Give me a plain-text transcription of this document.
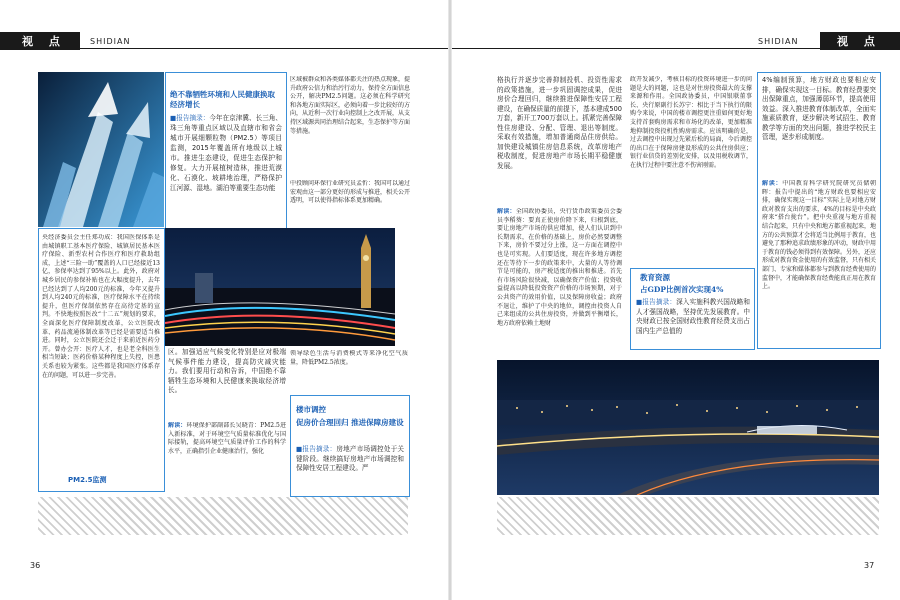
视 点	SHIDIAN
绝不靠牺牲环境和人民健康换取经济增长
■报告摘录：今年在京津冀、长三角、珠三角等重点区域以及直辖市和省会城市开展细颗粒物（PM2.5）等项目监测，2015年覆盖所有地级以上城市。推进生态建设，促进生态保护和修复。大力开展植树造林，推进荒漠化、石漠化、坡耕地治理，严格保护江河源、湿地。湖泊等重要生态功能
区域被群众和各类媒体都关注的热点现象，提升政府公信力和治污行动力，保持全方面信息公开，解决PM2.5问题。这必须在科学研究和各地方面实际区，必须向着一步比较好的方向，从近利一次行业向控制上之改开展，从支持区域源共同治理结合起来，生态保护等方面等措施。
中投顾问环保行业研究员孟忻：我国可以通过宏观由这一部分更好的形成与推进，相关公开透明，可以使得指标体系更加精确。
央经济委员会主任郑功成：我国医保体系是由城镇职工基本医疗保险、城镇居民基本医疗保险、新型农村合作医疗和医疗救助组成，上述“三险一助”覆盖的人口已经接近13亿，参保率达到了95%以上。此外，政府对城乡居民的参保补贴也在大幅度提升，去年已经达到了人均200元的标准，今年又提升到人均240元的标准，医疗保障水平在持续提升，但医疗保制依然存在高待定基的宣判。不快地按照医改“十二五”规划的要求，全面深化医疗保障制度改革，公立医院改革、药品流通体制改革等已经是需要适当推进。同时，公立医院还会迁于来前近医药分开。曾办会开：医疗人才，也是老全科医生相当短缺；医药价格某种程度上失控，医患关系也较为紧张。这些都是我国医疗体系存在的问题，可以进一步完善。
PM2.5监测
区。加强适应气候变化特别是应对极端气候事件能力建设，提高防灾减灾能力。我们要用行动和告诉，中国绝不靠牺牲生态环境和人民健康来换取经济增长。
解读：环境保护部副部长吴晓青：PM2.5进入新标准，对于环境空气质量标准优化与国际接轨，提高环境空气质量评价工作的科学水平，正确指引企业健康治行，强化
领导绿色生活与消费模式等来净化空气质量，降低PM2.5浓度。
楼市调控
促房价合理回归 推进保障房建设
■报告摘录：房地产市场调控处于关键阶段。继续搞好房地产市场调控和保障性安居工程建设。严
36
视 点
SHIDIAN
格执行并逐步完善抑制投机、投资性需求的政策措施，进一步巩固调控成果，促进房价合理回归，继续推进保障性安居工程建设，在确保质量的前提下，基本建成500万套，新开工700万套以上。抓紧完善保障性住房建设、分配、管理、退出等制度。采取有效措施，增加普通商品住房供给。加快建设城镇住房信息系统，改革房地产税收制度，促进房地产市场长期平稳健康发展。
解读：全国政协委员，央行货币政策委员会委员李稻葵：要真正使房价降下来，归根到底，要让房地产市场的供应增加，使人们认识到中长期需求，在价格的基础上，房价必然要调整下来，房价不要过分上涨，这一方面在调控中也是可实现。人们要适度，现在许多地方调控还在等待下一步的政策来中，大量的人等待调节是可能的，房产税适度的推出和推进。首先有市场风险很快减，以确保资产价值；投资收益提高以降低投资资产价格的市场预期，对于公共资产的效用价值，以及保障房收益；政府不退让，维护了中央的地位，调控由投资人自己来组成的公共住房投资，并做到平衡增长，地方政府依赖土地财
政开发减少，考核目标的投资环境进一步的问题是大的问题，这也是对住房投资最大的支撑来源和作用。全国政协委员，中国银联董事长、央行原副行长苏宁：相比于当下执行的限购令来说，中国的楼市调控更注重如何更好地支持首套购房需求和市场化的改革，更加精准地抑制投资投机性购房需求。应该明确的是，过去调控中出现过先紧后松的局面，今后调控的出口在于保障房建设形成的公共住房供应；银行业信贷的差别化安排，以及用税收调节，在执行过程中要注意不伤害刚需。
教育资源
占GDP比例首次实现4%
■报告摘录：深入实施科教兴国战略和人才强国战略，坚持优先发展教育。中央财政已按全国财政性教育经费支出占国内生产总值的
4%编制预算，地方财政也要相应安排，确保实现这一目标。教育经费要突出保障重点，加强薄弱环节，提高使用效益。深入推进教育体制改革，全面实施素质教育，逐步解决考试招生、教育教学等方面的突出问题，推进学校民主管理，逐步形成制度。
解读：中国教育科学研究院研究员储朝晖：报告中提出的“地方财政也要相应安排，确保实现这一目标”实际上是对地方财政对教育支出的要求，4%的目标是中央政府来“搭台拢台”。把中央重视与地方重视结合起来，只有中央和地方都重视起来，地方的公共预算才会将适当比例用于教育，也避免了那种追求政绩形象的冲动，财政中用于教育的钱必须得到有效保障。另外，还应形成对教育资金使用的有效监督，只有相关部门、专家和媒体都参与到教育经费使用的监督中，才能确保教育经费能真正用在教育上。
37
